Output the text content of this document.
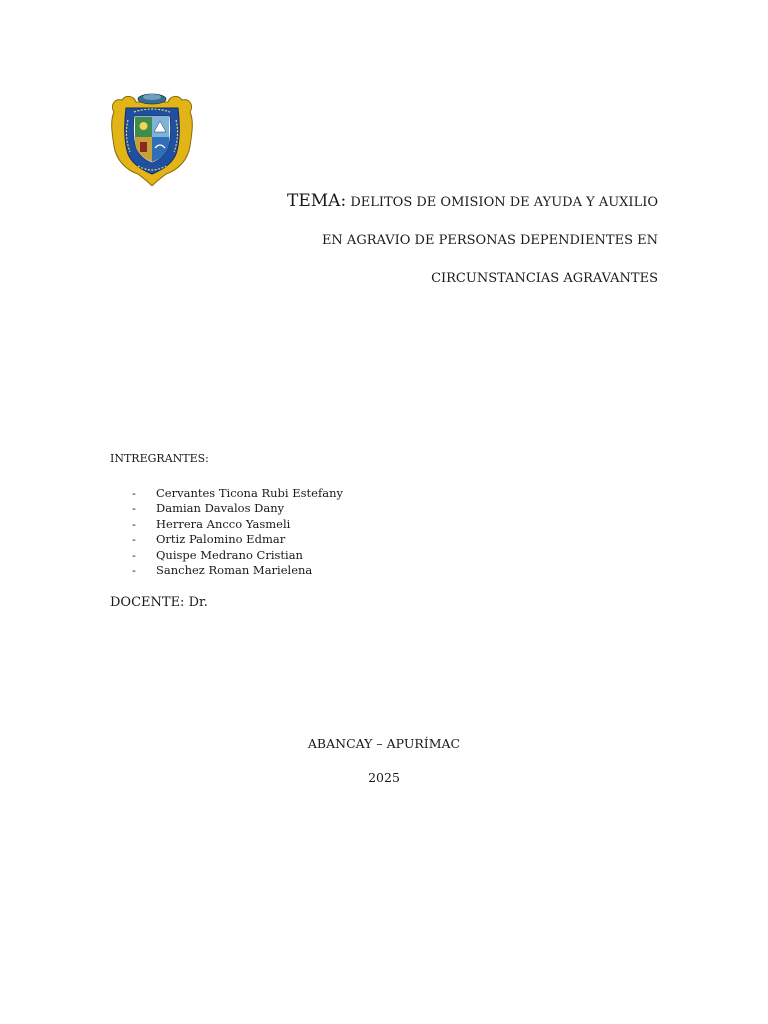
TEMA: DELITOS DE OMISION DE AYUDA Y AUXILIO

EN AGRAVIO DE PERSONAS DEPENDIENTES EN

CIRCUNSTANCIAS AGRAVANTES

INTREGRANTES:
- Cervantes Ticona Rubi Estefany
- Damian Davalos Dany
- Herrera Ancco Yasmeli
- Ortiz Palomino Edmar
- Quispe Medrano Cristian
- Sanchez Roman Marielena
DOCENTE: Dr.
ABANCAY – APURÍMAC
2025
